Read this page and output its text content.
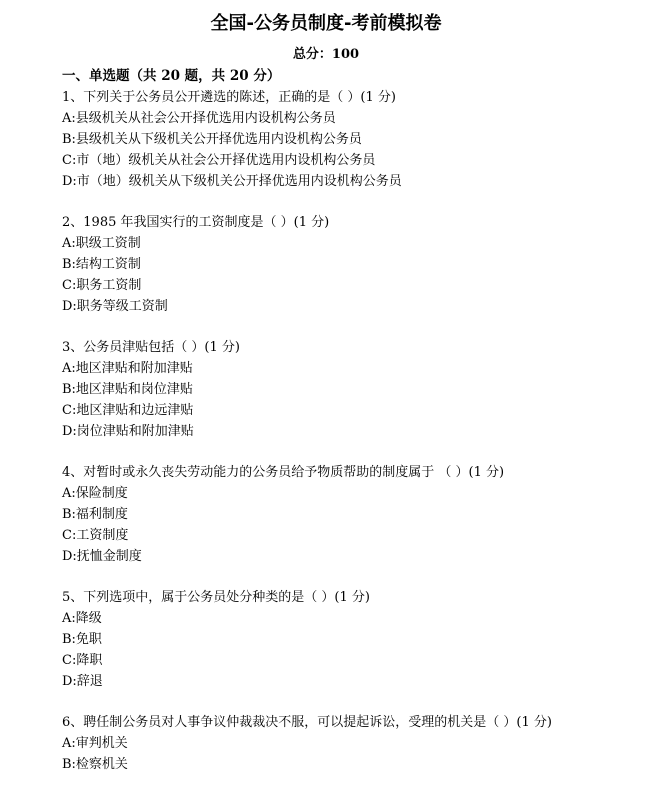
全国-公务员制度-考前模拟卷
总分：100
一、单选题（共 20 题，共 20 分）
1、下列关于公务员公开遴选的陈述，正确的是（ ）(1 分)
A:县级机关从社会公开择优选用内设机构公务员
B:县级机关从下级机关公开择优选用内设机构公务员
C:市（地）级机关从社会公开择优选用内设机构公务员
D:市（地）级机关从下级机关公开择优选用内设机构公务员
2、1985 年我国实行的工资制度是（ ）(1 分)
A:职级工资制
B:结构工资制
C:职务工资制
D:职务等级工资制
3、公务员津贴包括（ ）(1 分)
A:地区津贴和附加津贴
B:地区津贴和岗位津贴
C:地区津贴和边远津贴
D:岗位津贴和附加津贴
4、对暂时或永久丧失劳动能力的公务员给予物质帮助的制度属于 （ ）(1 分)
A:保险制度
B:福利制度
C:工资制度
D:抚恤金制度
5、下列选项中，属于公务员处分种类的是（ ）(1 分)
A:降级
B:免职
C:降职
D:辞退
6、聘任制公务员对人事争议仲裁裁决不服，可以提起诉讼，受理的机关是（ ）(1 分)
A:审判机关
B:检察机关
